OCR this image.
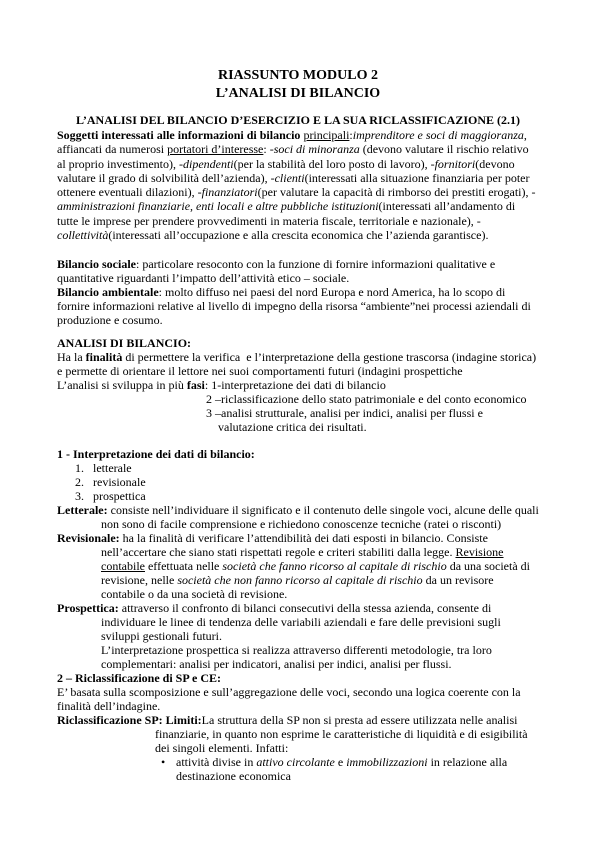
RIASSUNTO MODULO 2
L’ANALISI DI BILANCIO
L’ANALISI DEL BILANCIO D’ESERCIZIO E LA SUA RICLASSIFICAZIONE (2.1)
Soggetti interessati alle informazioni di bilancio principali:imprenditore e soci di maggioranza,
affiancati da numerosi portatori d’interesse: -soci di minoranza (devono valutare il rischio relativo
al proprio investimento), -dipendenti(per la stabilità del loro posto di lavoro), -fornitori(devono
valutare il grado di solvibilità dell’azienda), -clienti(interessati alla situazione finanziaria per poter
ottenere eventuali dilazioni), -finanziatori(per valutare la capacità di rimborso dei prestiti erogati), -
amministrazioni finanziarie, enti locali e altre pubbliche istituzioni(interessati all’andamento di
tutte le imprese per prendere provvedimenti in materia fiscale, territoriale e nazionale), -
collettività(interessati all’occupazione e alla crescita economica che l’azienda garantisce).
Bilancio sociale: particolare resoconto con la funzione di fornire informazioni qualitative e
quantitative riguardanti l’impatto dell’attività etico – sociale.
Bilancio ambientale: molto diffuso nei paesi del nord Europa e nord America, ha lo scopo di
fornire informazioni relative al livello di impegno della risorsa “ambiente”nei processi aziendali di
produzione e cosumo.
ANALISI DI BILANCIO:
Ha la finalità di permettere la verifica  e l’interpretazione della gestione trascorsa (indagine storica)
e permette di orientare il lettore nei suoi comportamenti futuri (indagini prospettiche
L’analisi si sviluppa in più fasi: 1-interpretazione dei dati di bilancio
2 –riclassificazione dello stato patrimoniale e del conto economico
3 –analisi strutturale, analisi per indici, analisi per flussi e
valutazione critica dei risultati.
1 - Interpretazione dei dati di bilancio:
1. letterale
2. revisionale
3. prospettica
Letterale: consiste nell’individuare il significato e il contenuto delle singole voci, alcune delle quali
non sono di facile comprensione e richiedono conoscenze tecniche (ratei o risconti)
Revisionale: ha la finalità di verificare l’attendibilità dei dati esposti in bilancio. Consiste
nell’accertare che siano stati rispettati regole e criteri stabiliti dalla legge. Revisione
contabile effettuata nelle società che fanno ricorso al capitale di rischio da una società di
revisione, nelle società che non fanno ricorso al capitale di rischio da un revisore
contabile o da una società di revisione.
Prospettica: attraverso il confronto di bilanci consecutivi della stessa azienda, consente di
individuare le linee di tendenza delle variabili aziendali e fare delle previsioni sugli
sviluppi gestionali futuri.
L’interpretazione prospettica si realizza attraverso differenti metodologie, tra loro
complementari: analisi per indicatori, analisi per indici, analisi per flussi.
2 – Riclassificazione di SP e CE:
E’ basata sulla scomposizione e sull’aggregazione delle voci, secondo una logica coerente con la
finalità dell’indagine.
Riclassificazione SP: Limiti:La struttura della SP non si presta ad essere utilizzata nelle analisi
finanziarie, in quanto non esprime le caratteristiche di liquidità e di esigibilità
dei singoli elementi. Infatti:
• attività divise in attivo circolante e immobilizzazioni in relazione alla
destinazione economica
